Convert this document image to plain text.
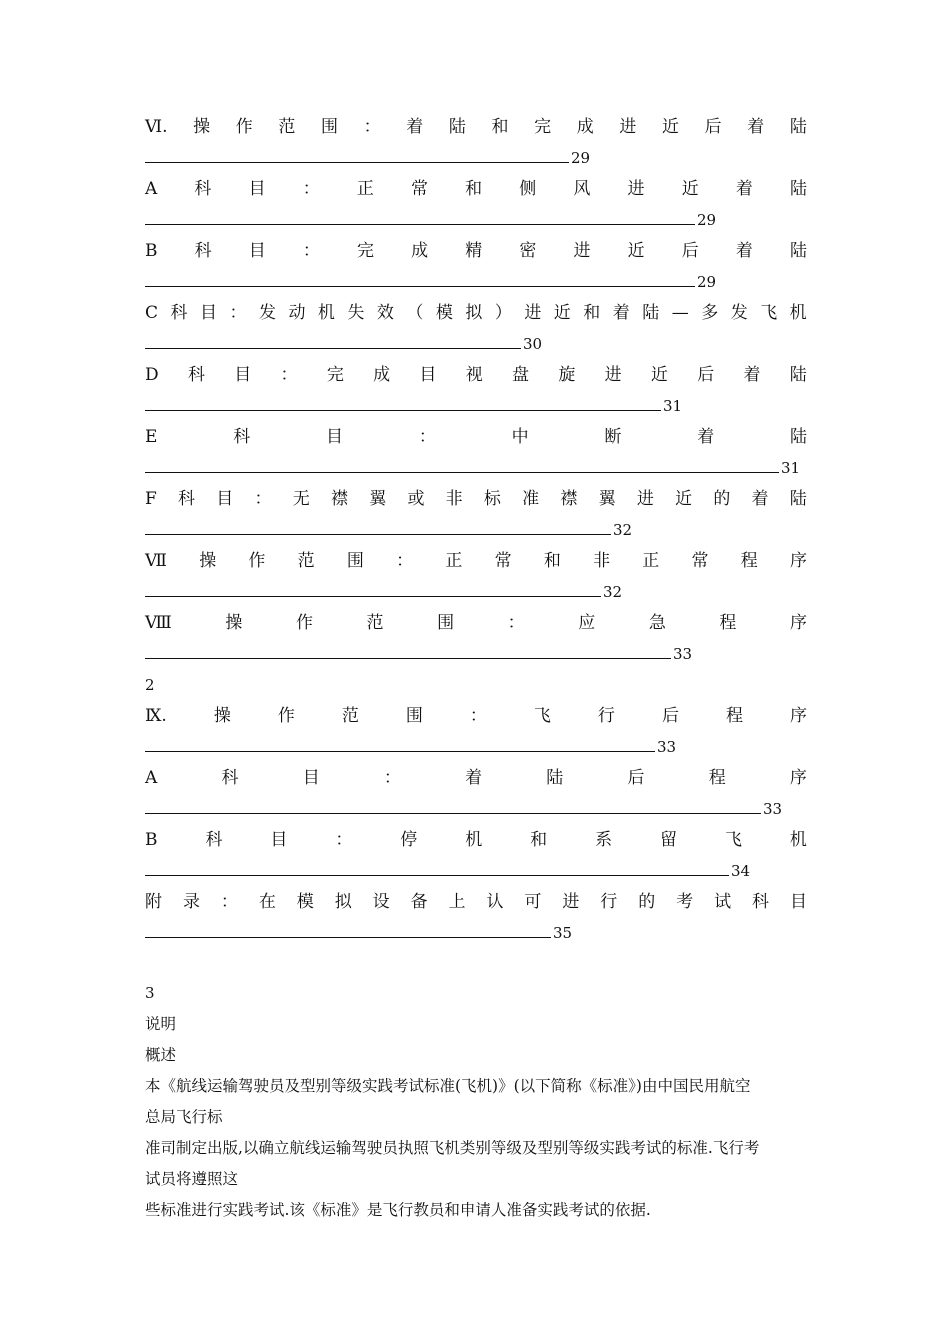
Ⅵ. 操 作 范 围 ： 着 陆 和 完 成 进 近 后 着 陆
29
A 科 目 ： 正 常 和 侧 风 进 近 着 陆
29
B 科 目 ： 完 成 精 密 进 近 后 着 陆
29
C 科 目 ： 发 动 机 失 效 （ 模 拟 ） 进 近 和 着 陆 — 多 发 飞 机
30
D 科 目 ： 完 成 目 视 盘 旋 进 近 后 着 陆
31
E	科	目	：	中	断	着	陆
31
F 科 目 ： 无 襟 翼 或 非 标 准 襟 翼 进 近 的 着 陆
32
Ⅶ 操 作 范 围 ： 正 常 和 非 正 常 程 序
32
Ⅷ	操	作	范	围	：	应	急	程	序
33
2
Ⅸ.	操	作	范	围	：	飞	行	后	程	序
33
A	科	目	：	着	陆	后	程	序
33
B	科	目	：	停	机	和	系	留	飞	机
34
附 录 ： 在 模 拟 设 备 上 认 可 进 行 的 考 试 科 目
35
3

说明

概述

本《航线运输驾驶员及型别等级实践考试标准(飞机)》(以下简称《标准》)由中国民用航空

总局飞行标

准司制定出版,以确立航线运输驾驶员执照飞机类别等级及型别等级实践考试的标准.飞行考

试员将遵照这

些标准进行实践考试.该《标准》是飞行教员和申请人准备实践考试的依据.
